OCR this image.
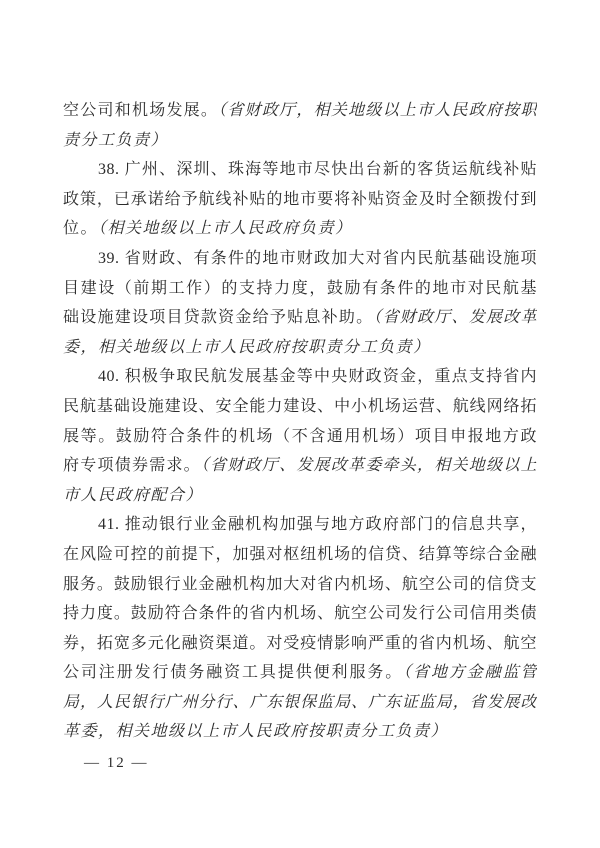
空公司和机场发展。（省财政厅，相关地级以上市人民政府按职
责分工负责）
38. 广州、深圳、珠海等地市尽快出台新的客货运航线补贴
政策，已承诺给予航线补贴的地市要将补贴资金及时全额拨付到
位。（相关地级以上市人民政府负责）
39. 省财政、有条件的地市财政加大对省内民航基础设施项
目建设（前期工作）的支持力度，鼓励有条件的地市对民航基
础设施建设项目贷款资金给予贴息补助。（省财政厅、发展改革
委，相关地级以上市人民政府按职责分工负责）
40. 积极争取民航发展基金等中央财政资金，重点支持省内
民航基础设施建设、安全能力建设、中小机场运营、航线网络拓
展等。鼓励符合条件的机场（不含通用机场）项目申报地方政
府专项债券需求。（省财政厅、发展改革委牵头，相关地级以上
市人民政府配合）
41. 推动银行业金融机构加强与地方政府部门的信息共享，
在风险可控的前提下，加强对枢纽机场的信贷、结算等综合金融
服务。鼓励银行业金融机构加大对省内机场、航空公司的信贷支
持力度。鼓励符合条件的省内机场、航空公司发行公司信用类债
券，拓宽多元化融资渠道。对受疫情影响严重的省内机场、航空
公司注册发行债务融资工具提供便利服务。（省地方金融监管
局，人民银行广州分行、广东银保监局、广东证监局，省发展改
革委，相关地级以上市人民政府按职责分工负责）
— 12 —
